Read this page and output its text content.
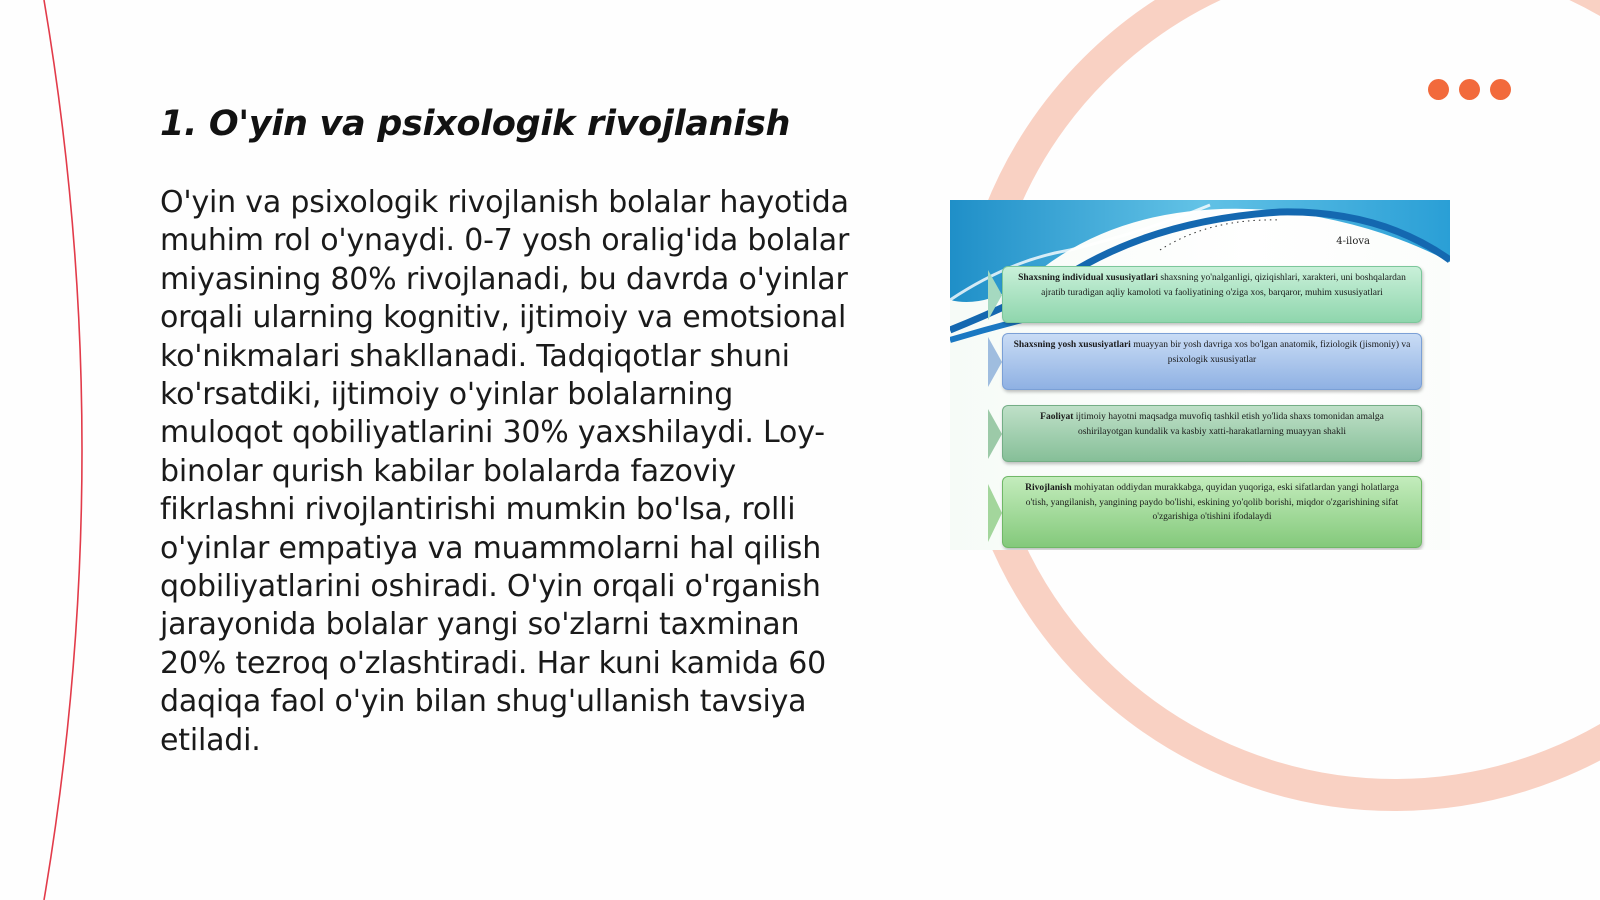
1. O'yin va psixologik rivojlanish

O'yin va psixologik rivojlanish bolalar hayotida muhim rol o'ynaydi. 0-7 yosh oralig'ida bolalar miyasining 80% rivojlanadi, bu davrda o'yinlar orqali ularning kognitiv, ijtimoiy va emotsional ko'nikmalari shakllanadi. Tadqiqotlar shuni ko'rsatdiki, ijtimoiy o'yinlar bolalarning muloqot qobiliyatlarini 30% yaxshilaydi. Loy-binolar qurish kabilar bolalarda fazoviy fikrlashni rivojlantirishi mumkin bo'lsa, rolli o'yinlar empatiya va muammolarni hal qilish qobiliyatlarini oshiradi. O'yin orqali o'rganish jarayonida bolalar yangi so'zlarni taxminan 20% tezroq o'zlashtiradi. Har kuni kamida 60 daqiqa faol o'yin bilan shug'ullanish tavsiya etiladi.

4-ilova
Shaxsning individual xususiyatlari shaxsning yo'nalganligi, qiziqishlari, xarakteri, uni boshqalardan ajratib turadigan aqliy kamoloti va faoliyatining o'ziga xos, barqaror, muhim xususiyatlari
Shaxsning yosh xususiyatlari muayyan bir yosh davriga xos bo'lgan anatomik, fiziologik (jismoniy) va psixologik xususiyatlar
Faoliyat ijtimoiy hayotni maqsadga muvofiq tashkil etish yo'lida shaxs tomonidan amalga oshirilayotgan kundalik va kasbiy xatti-harakatlarning muayyan shakli
Rivojlanish mohiyatan oddiydan murakkabga, quyidan yuqoriga, eski sifatlardan yangi holatlarga o'tish, yangilanish, yangining paydo bo'lishi, eskining yo'qolib borishi, miqdor o'zgarishining sifat o'zgarishiga o'tishini ifodalaydi
